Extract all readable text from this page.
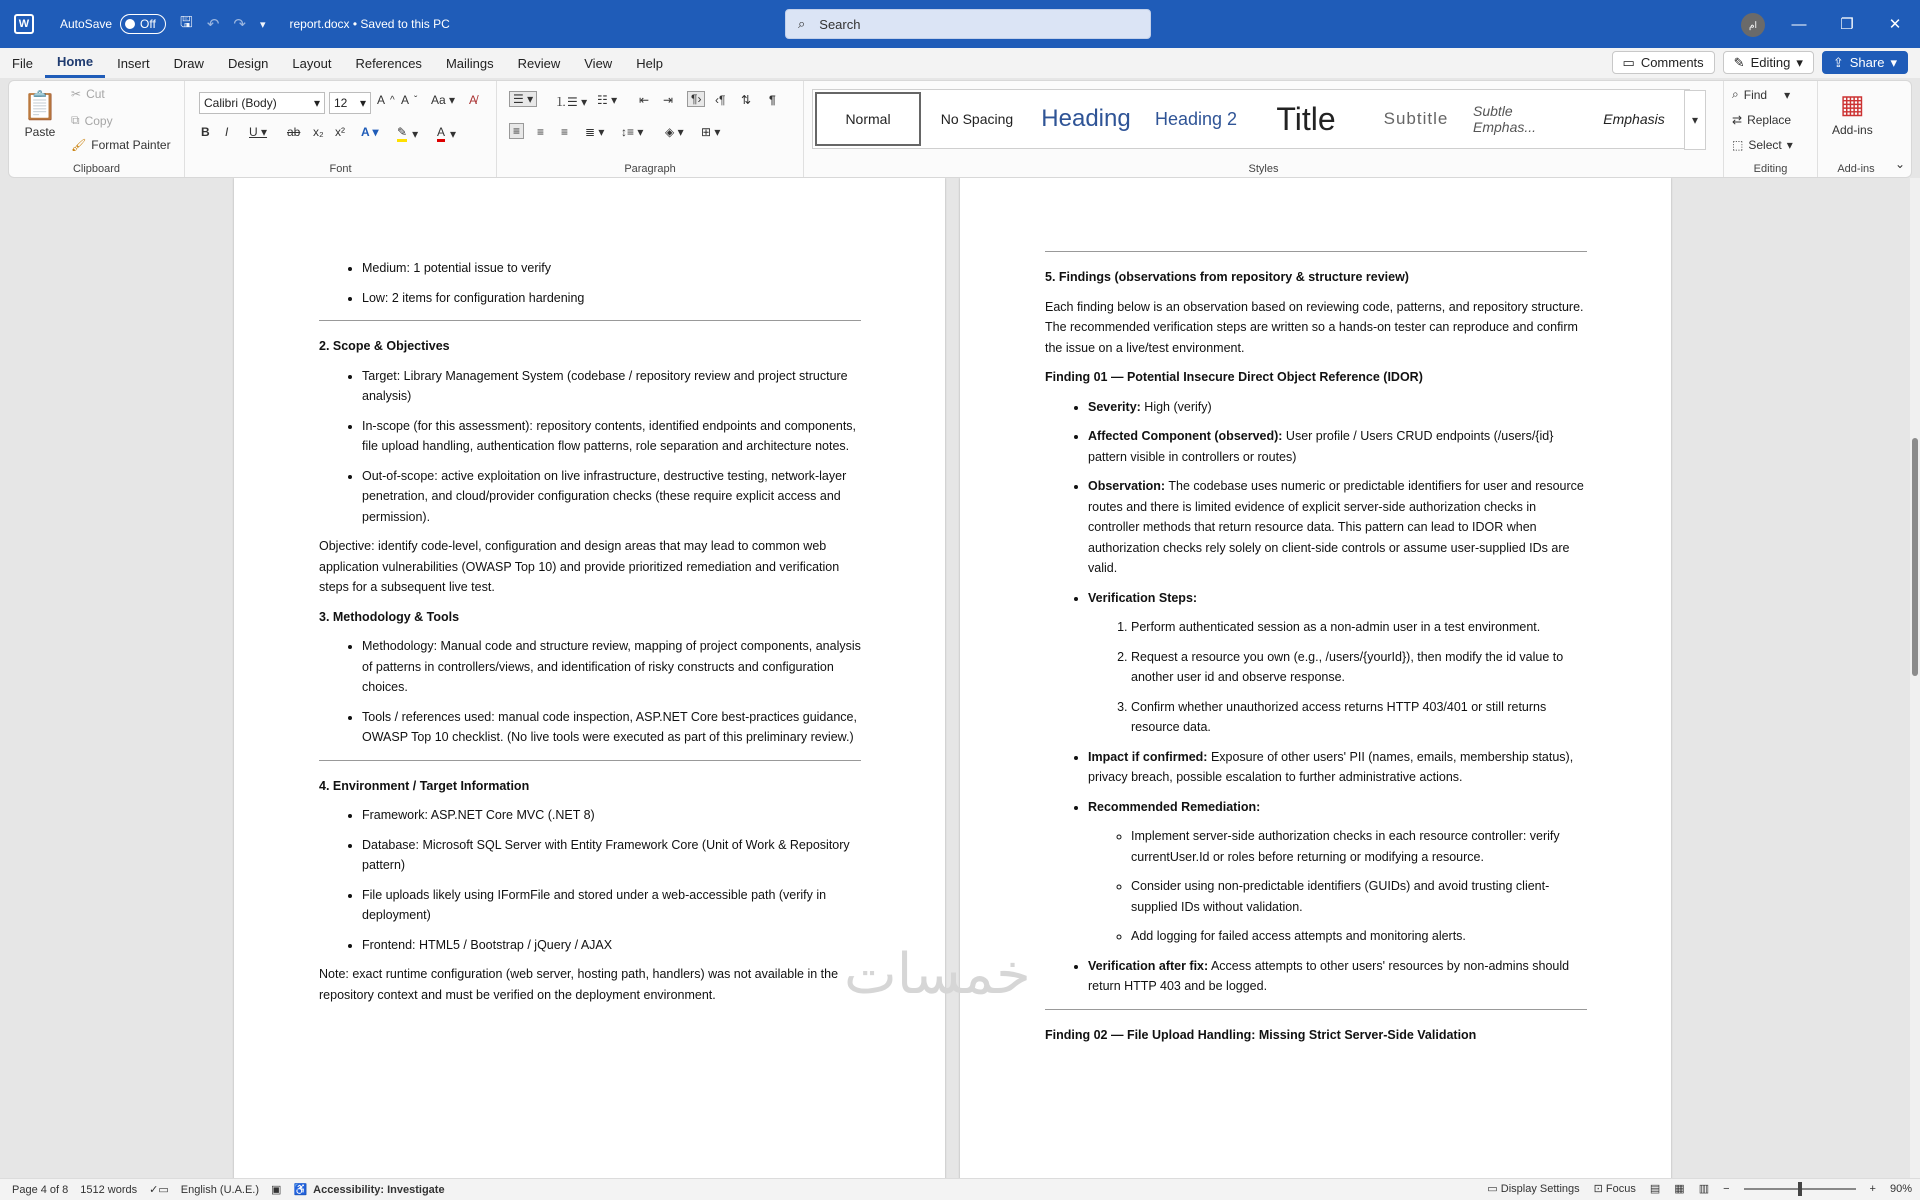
W	AutoSave Off 🖫 ↶ ↷ ▾ report.docx • Saved to this PC	⌕ Search	ام	—	❐	✕
File	Home	Insert	Draw	Design	Layout	References	Mailings	Review	View	Help	▭ Comments ✎ Editing ▾ ⇪ Share ▾
📋
Paste
✂ Cut
⧉ Copy
🖌 Format Painter
Clipboard
Calibri (Body)	▾ 12 ▾ A ^ A ˇ Aa ▾ A̸
B I U ▾ ab x₂ x² A ▾ ✎ ▾ A ▾
Font
☰ ▾	⒈☰ ▾ ☷ ▾ ⇤ ⇥	¶›	‹¶ ⇅ ¶
≡	≡ ≡ ≣ ▾ ↕≡ ▾ ◈ ▾ ⊞ ▾
Paragraph
Normal	No Spacing	Heading	Heading 2	Title	Subtitle	Subtle Emphas...	Emphasis	▾
Styles
⌕ Find ▾
⇄ Replace
⬚ Select ▾
Editing
▦
Add-ins
Add-ins	⌄
• Medium: 1 potential issue to verify
• Low: 2 items for configuration hardening
2. Scope & Objectives
• Target: Library Management System (codebase / repository review and project structure analysis)
• In-scope (for this assessment): repository contents, identified endpoints and components, file upload handling, authentication flow patterns, role separation and architecture notes.
• Out-of-scope: active exploitation on live infrastructure, destructive testing, network-layer penetration, and cloud/provider configuration checks (these require explicit access and permission).

Objective: identify code-level, configuration and design areas that may lead to common web application vulnerabilities (OWASP Top 10) and provide prioritized remediation and verification steps for a subsequent live test.

3. Methodology & Tools
• Methodology: Manual code and structure review, mapping of project components, analysis of patterns in controllers/views, and identification of risky constructs and configuration choices.
• Tools / references used: manual code inspection, ASP.NET Core best-practices guidance, OWASP Top 10 checklist. (No live tools were executed as part of this preliminary review.)
4. Environment / Target Information
• Framework: ASP.NET Core MVC (.NET 8)
• Database: Microsoft SQL Server with Entity Framework Core (Unit of Work & Repository pattern)
• File uploads likely using IFormFile and stored under a web-accessible path (verify in deployment)
• Frontend: HTML5 / Bootstrap / jQuery / AJAX

Note: exact runtime configuration (web server, hosting path, handlers) was not available in the repository context and must be verified on the deployment environment.

5. Findings (observations from repository & structure review)

Each finding below is an observation based on reviewing code, patterns, and repository structure. The recommended verification steps are written so a hands-on tester can reproduce and confirm the issue on a live/test environment.

Finding 01 — Potential Insecure Direct Object Reference (IDOR)
• Severity: High (verify)
• Affected Component (observed): User profile / Users CRUD endpoints (/users/{id} pattern visible in controllers or routes)
• Observation: The codebase uses numeric or predictable identifiers for user and resource routes and there is limited evidence of explicit server-side authorization checks in controller methods that return resource data. This pattern can lead to IDOR when authorization checks rely solely on client-side controls or assume user-supplied IDs are valid.
• Verification Steps:
1. Perform authenticated session as a non-admin user in a test environment.
2. Request a resource you own (e.g., /users/{yourId}), then modify the id value to another user id and observe response.
3. Confirm whether unauthorized access returns HTTP 403/401 or still returns resource data.
• Impact if confirmed: Exposure of other users' PII (names, emails, membership status), privacy breach, possible escalation to further administrative actions.
• Recommended Remediation:
◦ Implement server-side authorization checks in each resource controller: verify currentUser.Id or roles before returning or modifying a resource.
◦ Consider using non-predictable identifiers (GUIDs) and avoid trusting client-supplied IDs without validation.
◦ Add logging for failed access attempts and monitoring alerts.
• Verification after fix: Access attempts to other users' resources by non-admins should return HTTP 403 and be logged.
Finding 02 — File Upload Handling: Missing Strict Server-Side Validation
خمسات
Page 4 of 8 1512 words ✓▭ English (U.A.E.) ▣ ♿ Accessibility: Investigate	▭ Display Settings ⊡ Focus ▤ ▦ ▥ −	+ 90%
